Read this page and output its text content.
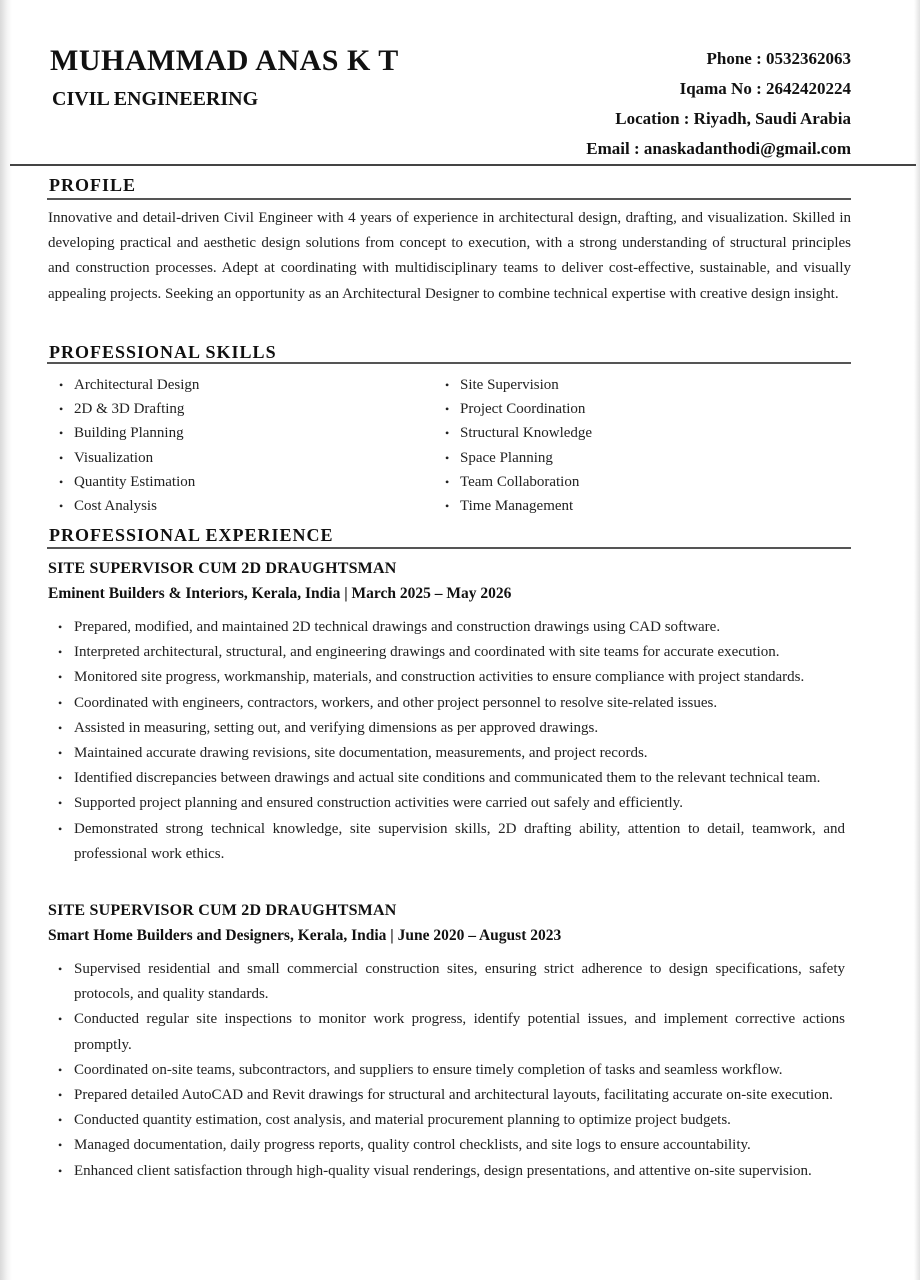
MUHAMMAD ANAS K T
CIVIL ENGINEERING
Phone : 0532362063
Iqama No : 2642420224
Location : Riyadh, Saudi Arabia
Email : anaskadanthodi@gmail.com
PROFILE
Innovative and detail-driven Civil Engineer with 4 years of experience in architectural design, drafting, and visualization. Skilled in developing practical and aesthetic design solutions from concept to execution, with a strong understanding of structural principles and construction processes. Adept at coordinating with multidisciplinary teams to deliver cost-effective, sustainable, and visually appealing projects. Seeking an opportunity as an Architectural Designer to combine technical expertise with creative design insight.
PROFESSIONAL SKILLS
• Architectural Design
• 2D & 3D Drafting
• Building Planning
• Visualization
• Quantity Estimation
• Cost Analysis
• Site Supervision
• Project Coordination
• Structural Knowledge
• Space Planning
• Team Collaboration
• Time Management
PROFESSIONAL EXPERIENCE
SITE SUPERVISOR CUM 2D DRAUGHTSMAN
Eminent Builders & Interiors, Kerala, India | March 2025 – May 2026
• Prepared, modified, and maintained 2D technical drawings and construction drawings using CAD software.
• Interpreted architectural, structural, and engineering drawings and coordinated with site teams for accurate execution.
• Monitored site progress, workmanship, materials, and construction activities to ensure compliance with project standards.
• Coordinated with engineers, contractors, workers, and other project personnel to resolve site-related issues.
• Assisted in measuring, setting out, and verifying dimensions as per approved drawings.
• Maintained accurate drawing revisions, site documentation, measurements, and project records.
• Identified discrepancies between drawings and actual site conditions and communicated them to the relevant technical team.
• Supported project planning and ensured construction activities were carried out safely and efficiently.
• Demonstrated strong technical knowledge, site supervision skills, 2D drafting ability, attention to detail, teamwork, and professional work ethics.
SITE SUPERVISOR CUM 2D DRAUGHTSMAN
Smart Home Builders and Designers, Kerala, India | June 2020 – August 2023
• Supervised residential and small commercial construction sites, ensuring strict adherence to design specifications, safety protocols, and quality standards.
• Conducted regular site inspections to monitor work progress, identify potential issues, and implement corrective actions promptly.
• Coordinated on-site teams, subcontractors, and suppliers to ensure timely completion of tasks and seamless workflow.
• Prepared detailed AutoCAD and Revit drawings for structural and architectural layouts, facilitating accurate on-site execution.
• Conducted quantity estimation, cost analysis, and material procurement planning to optimize project budgets.
• Managed documentation, daily progress reports, quality control checklists, and site logs to ensure accountability.
• Enhanced client satisfaction through high-quality visual renderings, design presentations, and attentive on-site supervision.
